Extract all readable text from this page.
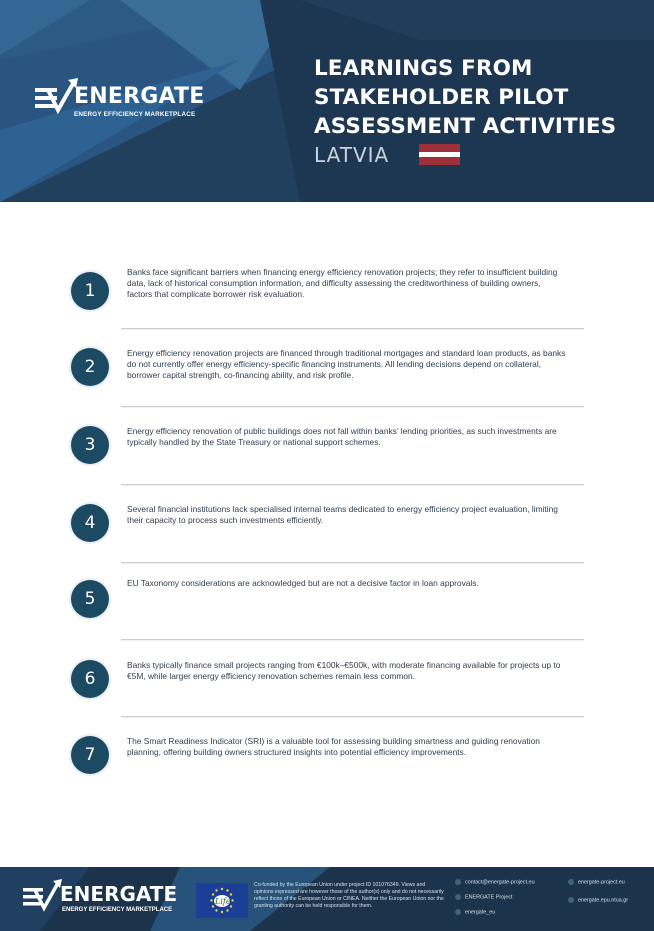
ENERGATE
ENERGY EFFICIENCY MARKETPLACE
LEARNINGS FROM
STAKEHOLDER PILOT
ASSESSMENT ACTIVITIES
LATVIA
1
Banks face significant barriers when financing energy efficiency renovation projects; they refer to insufficient building data, lack of historical consumption information, and difficulty assessing the creditworthiness of building owners, factors that complicate borrower risk evaluation.
2
Energy efficiency renovation projects are financed through traditional mortgages and standard loan products, as banks do not currently offer energy efficiency-specific financing instruments. All lending decisions depend on collateral, borrower capital strength, co-financing ability, and risk profile.
3
Energy efficiency renovation of public buildings does not fall within banks’ lending priorities, as such investments are typically handled by the State Treasury or national support schemes.
4
Several financial institutions lack specialised internal teams dedicated to energy efficiency project evaluation, limiting their capacity to process such investments efficiently.
5
EU Taxonomy considerations are acknowledged but are not a decisive factor in loan approvals.
6
Banks typically finance small projects ranging from €100k–€500k, with moderate financing available for projects up to €5M, while larger energy efficiency renovation schemes remain less common.
7
The Smart Readiness Indicator (SRI) is a valuable tool for assessing building smartness and guiding renovation planning, offering building owners structured insights into potential efficiency improvements.
ENERGATE
ENERGY EFFICIENCY MARKETPLACE
Life
Co-funded by the European Union under project ID 101076349. Views and opinions expressed are however those of the author(s) only and do not necessarily reflect those of the European Union or CINEA. Neither the European Union nor the granting authority can be held responsible for them.
contact@energate-project.eu
ENERGATE Project
energate_eu
energate-project.eu
energate.epu.ntua.gr
